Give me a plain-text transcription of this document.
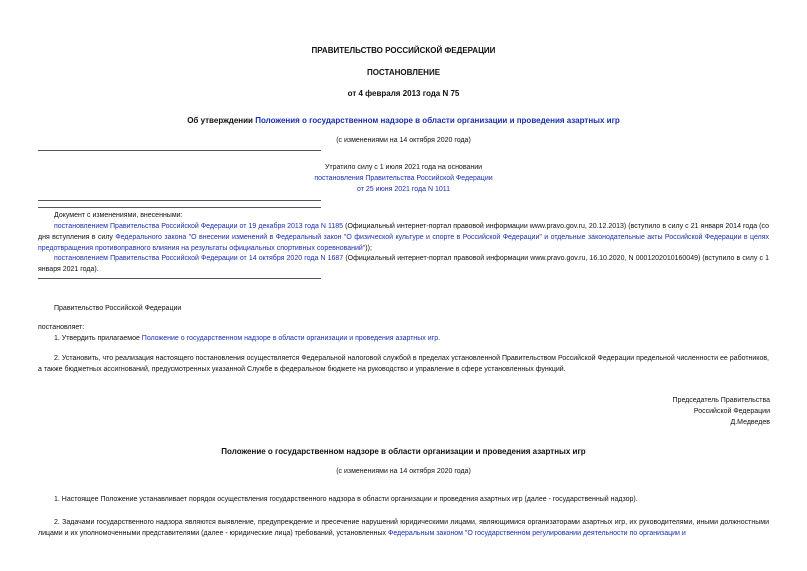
ПРАВИТЕЛЬСТВО РОССИЙСКОЙ ФЕДЕРАЦИИ
ПОСТАНОВЛЕНИЕ
от 4 февраля 2013 года N 75
Об утверждении Положения о государственном надзоре в области организации и проведения азартных игр
(с изменениями на 14 октября 2020 года)
Утратило силу с 1 июля 2021 года на основании
постановления Правительства Российской Федерации
от 25 июня 2021 года N 1011
Документ с изменениями, внесенными:
постановлением Правительства Российской Федерации от 19 декабря 2013 года N 1185 (Официальный интернет-портал правовой информации www.pravo.gov.ru, 20.12.2013) (вступило в силу с 21 января 2014 года (со дня вступления в силу Федерального закона "О внесении изменений в Федеральный закон "О физической культуре и спорте в Российской Федерации" и отдельные законодательные акты Российской Федерации в целях предотвращения противоправного влияния на результаты официальных спортивных соревнований"));
постановлением Правительства Российской Федерации от 14 октября 2020 года N 1687 (Официальный интернет-портал правовой информации www.pravo.gov.ru, 16.10.2020, N 0001202010160049) (вступило в силу с 1 января 2021 года).
Правительство Российской Федерации
постановляет:
1. Утвердить прилагаемое Положение о государственном надзоре в области организации и проведения азартных игр.
2. Установить, что реализация настоящего постановления осуществляется Федеральной налоговой службой в пределах установленной Правительством Российской Федерации предельной численности ее работников, а также бюджетных ассигнований, предусмотренных указанной Службе в федеральном бюджете на руководство и управление в сфере установленных функций.
Председатель Правительства
Российской Федерации
Д.Медведев
Положение о государственном надзоре в области организации и проведения азартных игр
(с изменениями на 14 октября 2020 года)
1. Настоящее Положение устанавливает порядок осуществления государственного надзора в области организации и проведения азартных игр (далее - государственный надзор).
2. Задачами государственного надзора являются выявление, предупреждение и пресечение нарушений юридическими лицами, являющимися организаторами азартных игр, их руководителями, иными должностными лицами и их уполномоченными представителями (далее - юридические лица) требований, установленных Федеральным законом "О государственном регулировании деятельности по организации и
